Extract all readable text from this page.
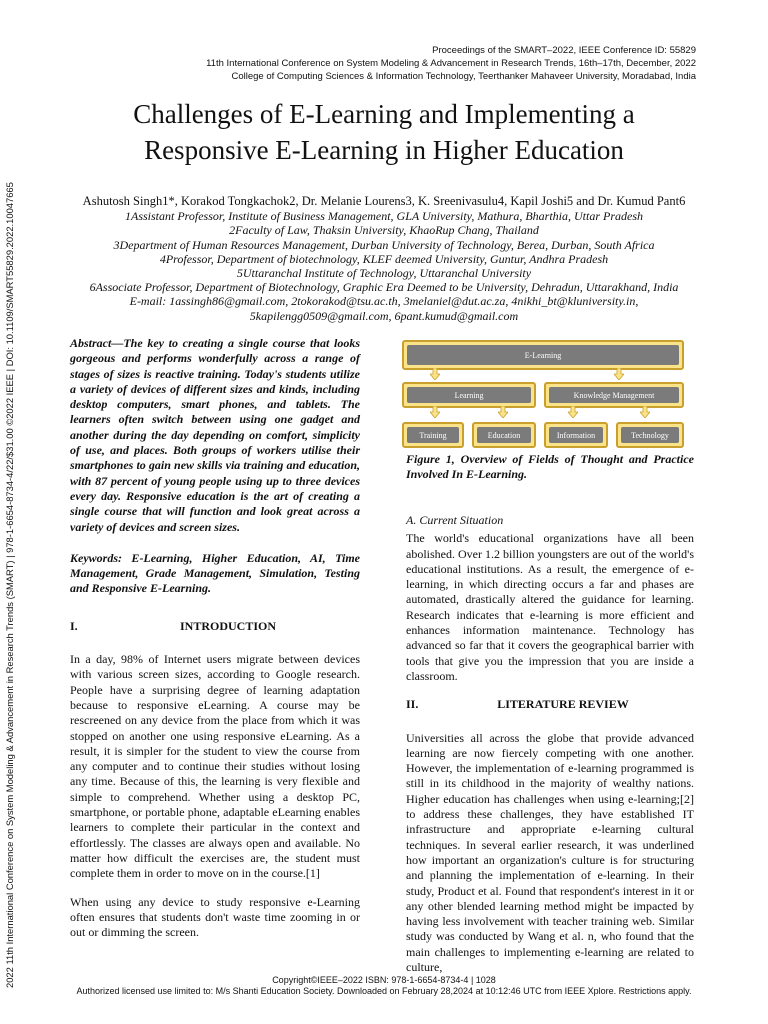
Proceedings of the SMART–2022, IEEE Conference ID: 55829
11th International Conference on System Modeling & Advancement in Research Trends, 16th–17th, December, 2022
College of Computing Sciences & Information Technology, Teerthanker Mahaveer University, Moradabad, India
Challenges of E-Learning and Implementing a
Responsive E-Learning in Higher Education
Ashutosh Singh1*, Korakod Tongkachok2, Dr. Melanie Lourens3, K. Sreenivasulu4, Kapil Joshi5 and Dr. Kumud Pant6
1Assistant Professor, Institute of Business Management, GLA University, Mathura, Bharthia, Uttar Pradesh
2Faculty of Law, Thaksin University, KhaoRup Chang, Thailand
3Department of Human Resources Management, Durban University of Technology, Berea, Durban, South Africa
4Professor, Department of biotechnology, KLEF deemed University, Guntur, Andhra Pradesh
5Uttaranchal Institute of Technology, Uttaranchal University
6Associate Professor, Department of Biotechnology, Graphic Era Deemed to be University, Dehradun, Uttarakhand, India
E-mail: 1assingh86@gmail.com, 2tokorakod@tsu.ac.th, 3melaniel@dut.ac.za, 4nikhi_bt@kluniversity.in,
5kapilengg0509@gmail.com, 6pant.kumud@gmail.com
2022 11th International Conference on System Modeling & Advancement in Research Trends (SMART) | 978-1-6654-8734-4/22/$31.00 ©2022 IEEE | DOI: 10.1109/SMART55829.2022.10047665	Abstract—The key to creating a single course that looks gorgeous and performs wonderfully across a range of stages of sizes is reactive training. Today's students utilize a variety of devices of different sizes and kinds, including desktop computers, smart phones, and tablets. The learners often switch between using one gadget and another during the day depending on comfort, simplicity of use, and places. Both groups of workers utilise their smartphones to gain new skills via training and education, with 87 percent of young people using up to three devices every day. Responsive education is the art of creating a single course that will function and look great across a variety of devices and screen sizes.
Keywords: E-Learning, Higher Education, AI, Time Management, Grade Management, Simulation, Testing and Responsive E-Learning.
I.	INTRODUCTION
In a day, 98% of Internet users migrate between devices with various screen sizes, according to Google research. People have a surprising degree of learning adaptation because to responsive eLearning. A course may be rescreened on any device from the place from which it was stopped on another one using responsive eLearning. As a result, it is simpler for the student to view the course from any computer and to continue their studies without losing any time. Because of this, the learning is very flexible and simple to comprehend. Whether using a desktop PC, smartphone, or portable phone, adaptable eLearning enables learners to complete their particular in the context and effortlessly. The classes are always open and available. No matter how difficult the exercises are, the student must complete them in order to move on in the course.[1]
When using any device to study responsive e-Learning often ensures that students don't waste time zooming in or out or dimming the screen.
E-Learning
Learning	Knowledge Management
Training	Education	Information	Technology
Figure 1, Overview of Fields of Thought and Practice Involved In E-Learning.
A. Current Situation
The world's educational organizations have all been abolished. Over 1.2 billion youngsters are out of the world's educational institutions. As a result, the emergence of e-learning, in which directing occurs a far and phases are automated, drastically altered the guidance for learning. Research indicates that e-learning is more efficient and enhances information maintenance. Technology has advanced so far that it covers the geographical barrier with tools that give you the impression that you are inside a classroom.
II.	LITERATURE REVIEW
Universities all across the globe that provide advanced learning are now fiercely competing with one another. However, the implementation of e-learning programmed is still in its childhood in the majority of wealthy nations. Higher education has challenges when using e-learning;[2] to address these challenges, they have established IT infrastructure and appropriate e-learning cultural techniques. In several earlier research, it was underlined how important an organization's culture is for structuring and planning the implementation of e-learning. In their study, Product et al. Found that respondent's interest in it or any other blended learning method might be impacted by having less involvement with teacher training web. Similar study was conducted by Wang et al. n, who found that the main challenges to implementing e-learning are related to culture,
Copyright©IEEE–2022 ISBN: 978-1-6654-8734-4 | 1028
Authorized licensed use limited to: M/s Shanti Education Society. Downloaded on February 28,2024 at 10:12:46 UTC from IEEE Xplore. Restrictions apply.
